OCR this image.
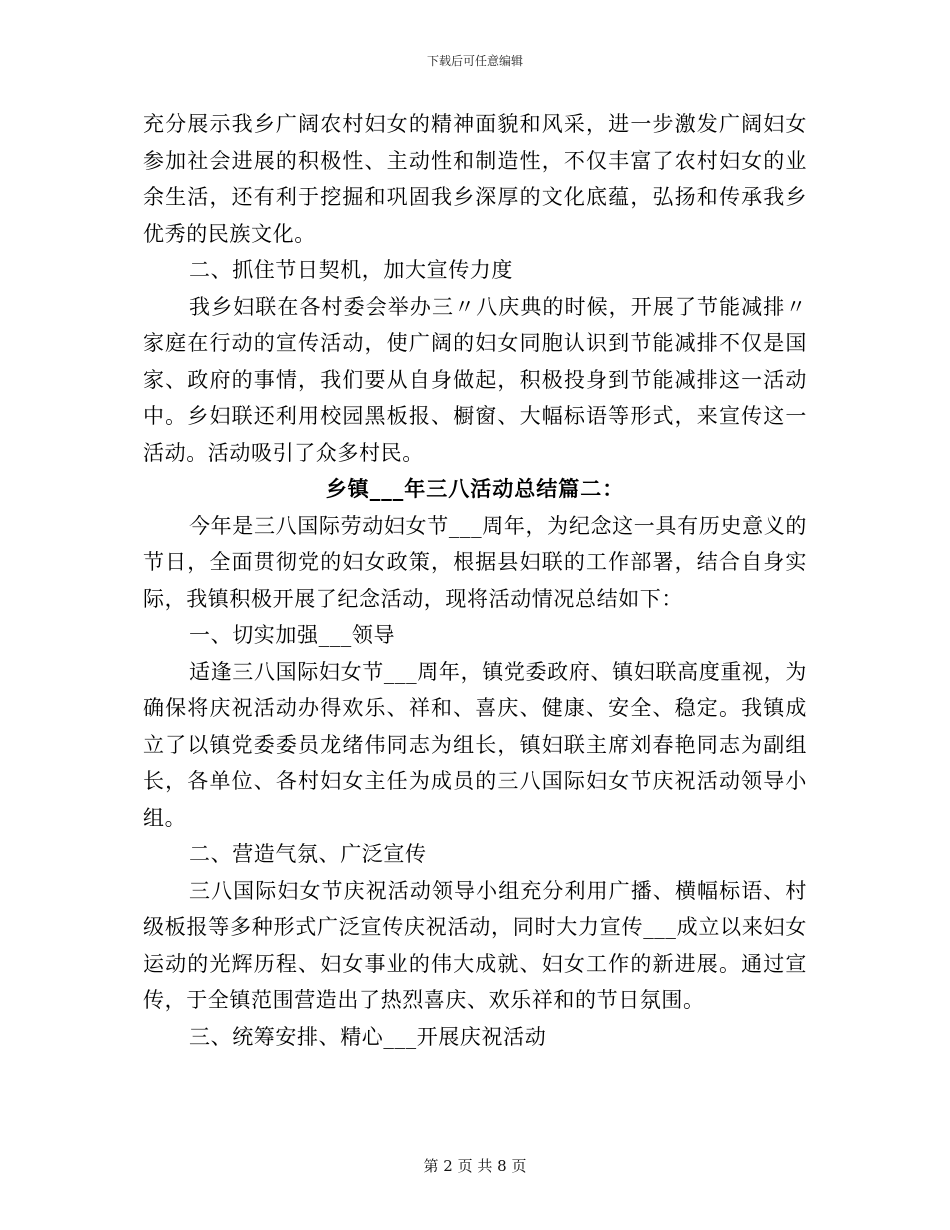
下载后可任意编辑
充分展示我乡广阔农村妇女的精神面貌和风采，进一步激发广阔妇女
参加社会进展的积极性、主动性和制造性，不仅丰富了农村妇女的业
余生活，还有利于挖掘和巩固我乡深厚的文化底蕴，弘扬和传承我乡
优秀的民族文化。
二、抓住节日契机，加大宣传力度
我乡妇联在各村委会举办三〃八庆典的时候，开展了节能减排〃
家庭在行动的宣传活动，使广阔的妇女同胞认识到节能减排不仅是国
家、政府的事情，我们要从自身做起，积极投身到节能减排这一活动
中。乡妇联还利用校园黑板报、橱窗、大幅标语等形式，来宣传这一
活动。活动吸引了众多村民。
乡镇___年三八活动总结篇二：
今年是三八国际劳动妇女节___周年，为纪念这一具有历史意义的
节日，全面贯彻党的妇女政策，根据县妇联的工作部署，结合自身实
际，我镇积极开展了纪念活动，现将活动情况总结如下：
一、切实加强___领导
适逢三八国际妇女节___周年，镇党委政府、镇妇联高度重视，为
确保将庆祝活动办得欢乐、祥和、喜庆、健康、安全、稳定。我镇成
立了以镇党委委员龙绪伟同志为组长，镇妇联主席刘春艳同志为副组
长，各单位、各村妇女主任为成员的三八国际妇女节庆祝活动领导小
组。
二、营造气氛、广泛宣传
三八国际妇女节庆祝活动领导小组充分利用广播、横幅标语、村
级板报等多种形式广泛宣传庆祝活动，同时大力宣传___成立以来妇女
运动的光辉历程、妇女事业的伟大成就、妇女工作的新进展。通过宣
传，于全镇范围营造出了热烈喜庆、欢乐祥和的节日氛围。
三、统筹安排、精心___开展庆祝活动
第 2 页 共 8 页
